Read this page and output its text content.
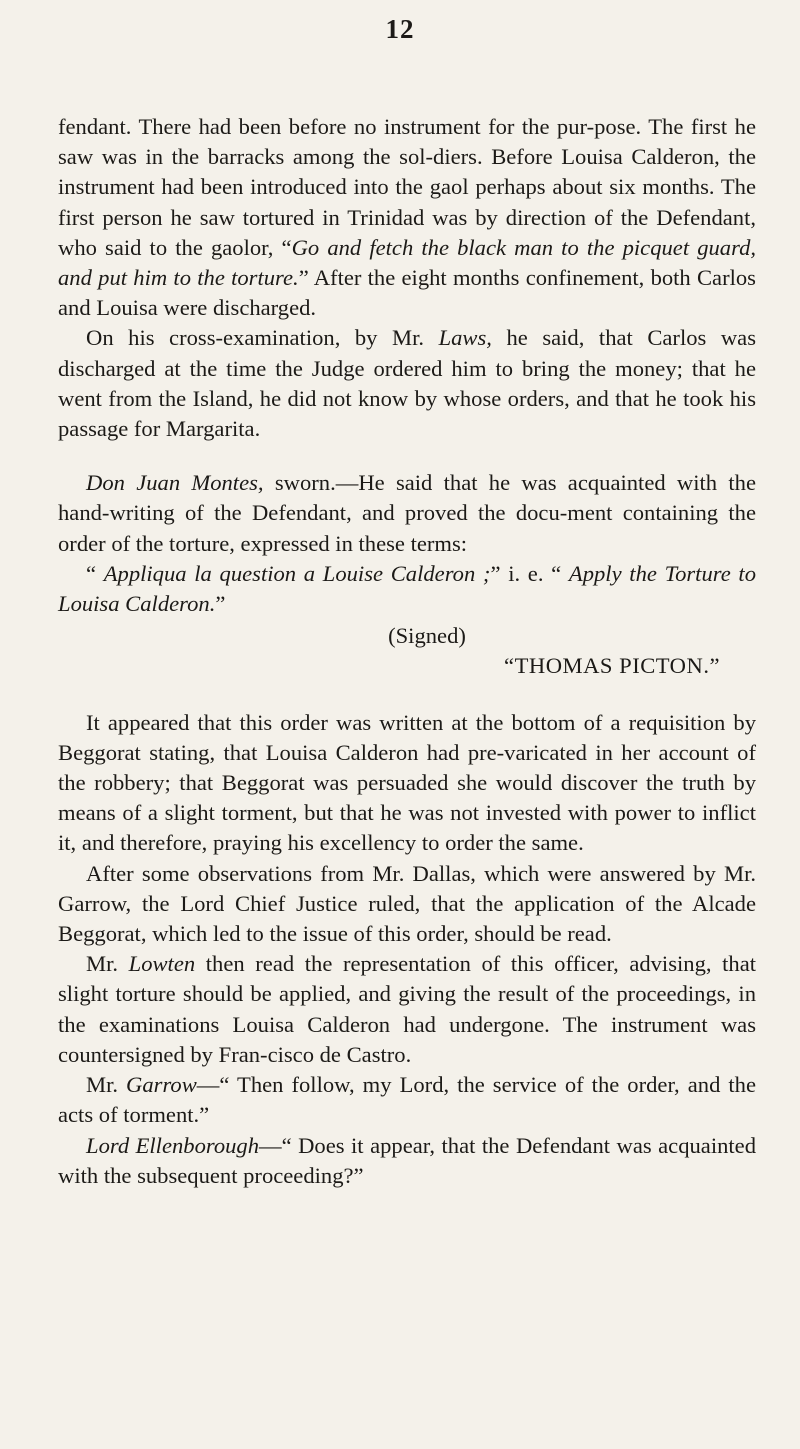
12

fendant. There had been before no instrument for the pur-pose. The first he saw was in the barracks among the sol-diers. Before Louisa Calderon, the instrument had been introduced into the gaol perhaps about six months. The first person he saw tortured in Trinidad was by direction of the Defendant, who said to the gaolor, “Go and fetch the black man to the picquet guard, and put him to the torture.” After the eight months confinement, both Carlos and Louisa were discharged.

On his cross-examination, by Mr. Laws, he said, that Carlos was discharged at the time the Judge ordered him to bring the money; that he went from the Island, he did not know by whose orders, and that he took his passage for Margarita.

Don Juan Montes, sworn.—He said that he was acquainted with the hand-writing of the Defendant, and proved the docu-ment containing the order of the torture, expressed in these terms:

“ Appliqua la question a Louise Calderon ;” i. e. “ Apply the Torture to Louisa Calderon.”

(Signed)

“THOMAS PICTON.”

It appeared that this order was written at the bottom of a requisition by Beggorat stating, that Louisa Calderon had pre-varicated in her account of the robbery; that Beggorat was persuaded she would discover the truth by means of a slight torment, but that he was not invested with power to inflict it, and therefore, praying his excellency to order the same.

After some observations from Mr. Dallas, which were answered by Mr. Garrow, the Lord Chief Justice ruled, that the application of the Alcade Beggorat, which led to the issue of this order, should be read.

Mr. Lowten then read the representation of this officer, advising, that slight torture should be applied, and giving the result of the proceedings, in the examinations Louisa Calderon had undergone. The instrument was countersigned by Fran-cisco de Castro.

Mr. Garrow—“ Then follow, my Lord, the service of the order, and the acts of torment.”

Lord Ellenborough—“ Does it appear, that the Defendant was acquainted with the subsequent proceeding?”
